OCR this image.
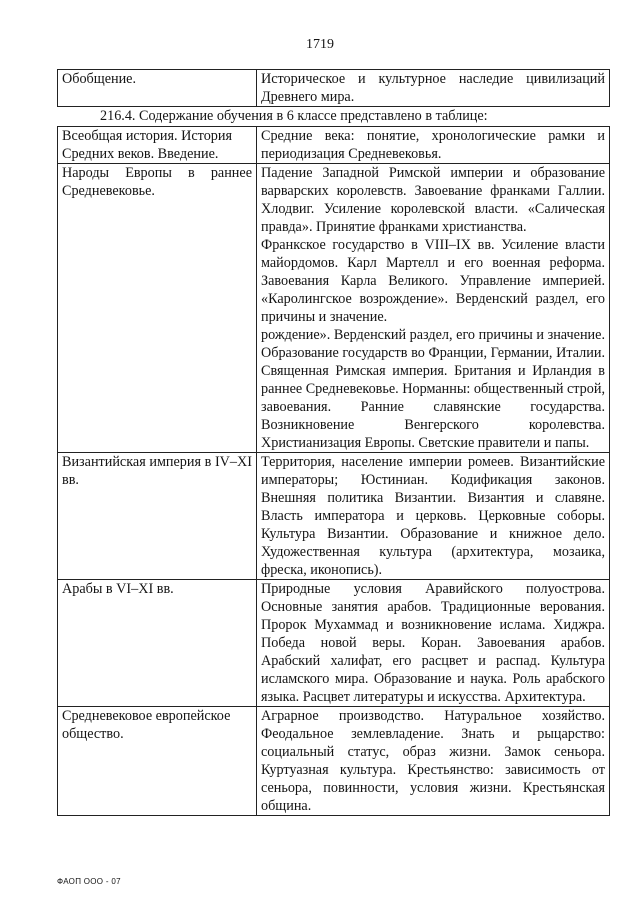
1719
Обобщение.	Историческое и культурное наследие цивилизаций Древнего мира.
216.4. Содержание обучения в 6 классе представлено в таблице:
Всеобщая история. История Средних веков. Введение.	Средние века: понятие, хронологические рамки и периодизация Средневековья.

Народы Европы в раннее Средневековье.	Падение Западной Римской империи и образование варварских королевств. Завоевание франками Галлии. Хлодвиг. Усиление королевской власти. «Салическая правда». Принятие франками христианства.
Франкское государство в VIII–IX вв. Усиление власти майордомов. Карл Мартелл и его военная реформа. Завоевания Карла Великого. Управление империей. «Каролингское возрождение». Верденский раздел, его причины и значение.
рождение». Верденский раздел, его причины и значение. Образование государств во Франции, Германии, Италии. Священная Римская империя. Британия и Ирландия в раннее Средневековье. Норманны: общественный строй, завоевания. Ранние славянские государства. Возникновение Венгерского королевства. Христианизация Европы. Светские правители и папы.

Византийская империя в IV–XI вв.	Территория, население империи ромеев. Византийские императоры; Юстиниан. Кодификация законов. Внешняя политика Византии. Византия и славяне. Власть императора и церковь. Церковные соборы. Культура Византии. Образование и книжное дело. Художественная культура (архитектура, мозаика, фреска, иконопись).

Арабы в VI–XI вв.	Природные условия Аравийского полуострова. Основные занятия арабов. Традиционные верования. Пророк Мухаммад и возникновение ислама. Хиджра. Победа новой веры. Коран. Завоевания арабов. Арабский халифат, его расцвет и распад. Культура исламского мира. Образование и наука. Роль арабского языка. Расцвет литературы и искусства. Архитектура.

Средневековое европейское общество.	Аграрное производство. Натуральное хозяйство. Феодальное землевладение. Знать и рыцарство: социальный статус, образ жизни. Замок сеньора. Куртуазная культура. Крестьянство: зависимость от сеньора, повинности, условия жизни. Крестьянская община.
ФАОП ООО - 07
